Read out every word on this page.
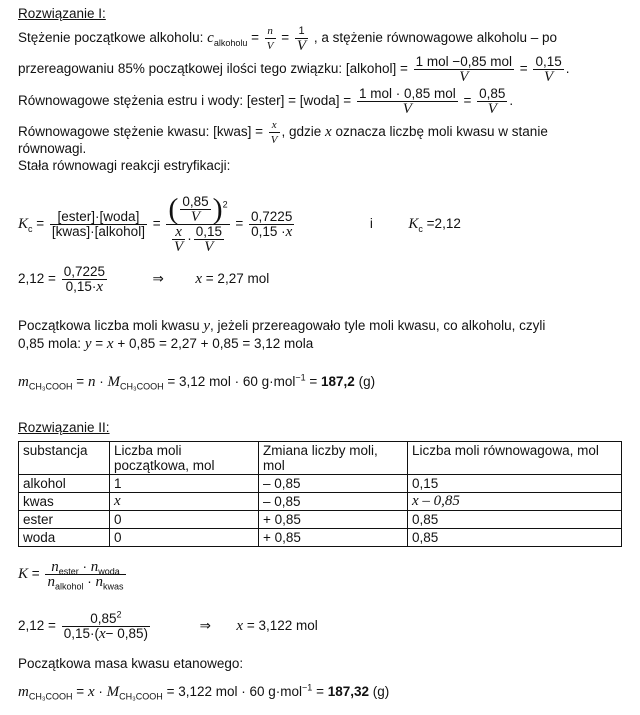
Rozwiązanie I:
Stężenie początkowe alkoholu: $c_{alkoholu} = \frac{n}{V} = \frac{1}{V}$ , a stężenie równowagowe alkoholu – po
przereagowaniu 85% początkowej ilości tego związku: [alkohol] = $\frac{\text{1 mol −0,85 mol}}{V} = \frac{0,15}{V}$ .
Równowagowe stężenia estru i wody: [ester] = [woda] = $\frac{\text{1 mol · 0,85 mol}}{V} = \frac{0,85}{V}$ .
Równowagowe stężenie kwasu: [kwas] = $\frac{x}{V}$ , gdzie x oznacza liczbę moli kwasu w stanie
równowagi.
Stała równowagi reakcji estryfikacji:
$K_c = \frac{\text{[ester]·[woda]}}{\text{[kwas]·[alkohol]}} = \frac{( \frac{0,85}{V} )^2}{\frac{x}{V} \cdot \frac{0,15}{V}} = \frac{0,7225}{0,15 \cdot x}$	i $K_c =2,12$
$2,12 = \frac{0,7225}{0,15\cdot x}$	⇒ x = 2,27 mol
Początkowa liczba moli kwasu y, jeżeli przereagowało tyle moli kwasu, co alkoholu, czyli
0,85 mola: y = x + 0,85 = 2,27 + 0,85 = 3,12 mola
$m_{CH_3COOH} = n \cdot M_{CH_3COOH} = 3,12$ mol · 60 g·mol$^{-1}$ = 187,2 (g)
Rozwiązanie II:
substancja	Liczba moli początkowa, mol	Zmiana liczby moli, mol	Liczba moli równowagowa, mol
alkohol	1	– 0,85	0,15
kwas	x	– 0,85	x – 0,85
ester	0	+ 0,85	0,85
woda	0	+ 0,85	0,85
$K = \frac{n_{ester} \cdot n_{woda}}{n_{alkohol} \cdot n_{kwas}}$
$2,12 = \frac{0,85^2}{0,15\cdot(x- 0,85)}$	⇒ x = 3,122 mol
Początkowa masa kwasu etanowego:
$m_{CH_3COOH} = x \cdot M_{CH_3COOH} = 3,122$ mol · 60 g·mol$^{-1}$ = 187,32 (g)
